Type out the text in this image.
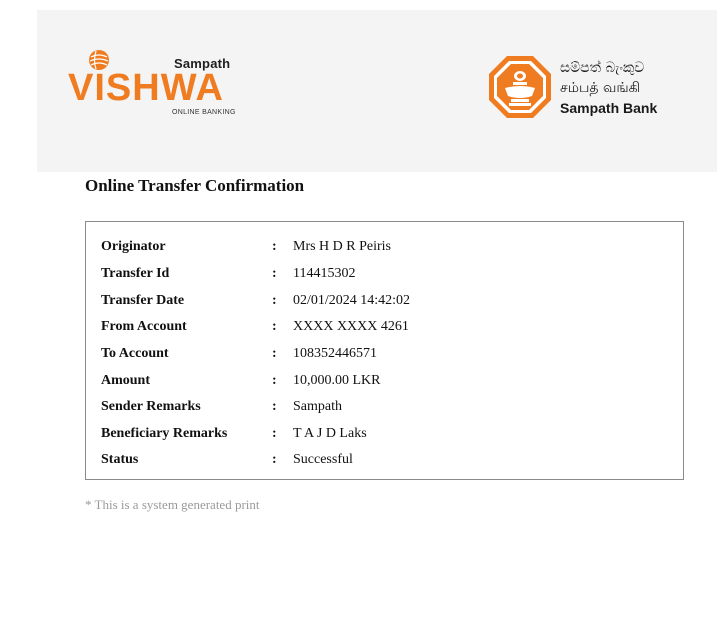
Sampath
VISHWA
ONLINE BANKING
සම්පත් බැංකුව
சம்பத் வங்கி
Sampath Bank
Online Transfer Confirmation
Originator	: Mrs H D R Peiris
Transfer Id	: 114415302
Transfer Date	: 02/01/2024 14:42:02
From Account	: XXXX XXXX 4261
To Account	: 108352446571
Amount	: 10,000.00 LKR
Sender Remarks	: Sampath
Beneficiary Remarks	: T A J D Laks
Status	: Successful
* This is a system generated print
